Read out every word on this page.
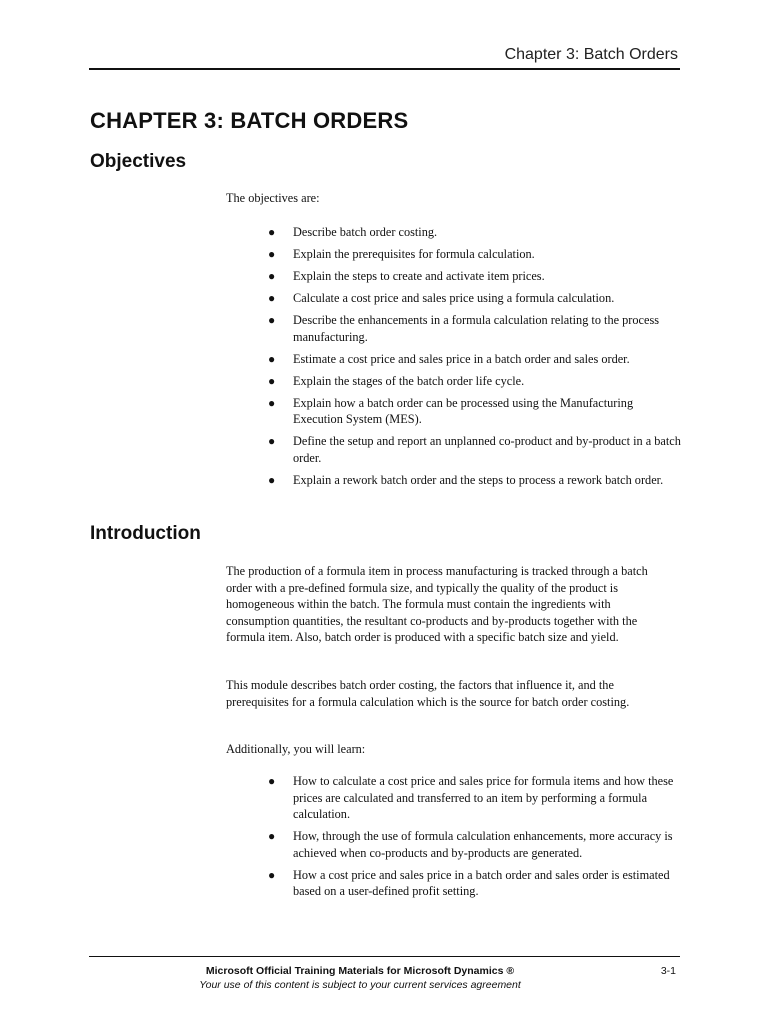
Chapter 3: Batch Orders
CHAPTER 3: BATCH ORDERS
Objectives

The objectives are:

● Describe batch order costing.
● Explain the prerequisites for formula calculation.
● Explain the steps to create and activate item prices.
● Calculate a cost price and sales price using a formula calculation.
● Describe the enhancements in a formula calculation relating to the process manufacturing.
● Estimate a cost price and sales price in a batch order and sales order.
● Explain the stages of the batch order life cycle.
● Explain how a batch order can be processed using the Manufacturing Execution System (MES).
● Define the setup and report an unplanned co-product and by-product in a batch order.
● Explain a rework batch order and the steps to process a rework batch order.
Introduction

The production of a formula item in process manufacturing is tracked through a batch order with a pre-defined formula size, and typically the quality of the product is homogeneous within the batch. The formula must contain the ingredients with consumption quantities, the resultant co-products and by-products together with the formula item. Also, batch order is produced with a specific batch size and yield.

This module describes batch order costing, the factors that influence it, and the prerequisites for a formula calculation which is the source for batch order costing.

Additionally, you will learn:

● How to calculate a cost price and sales price for formula items and how these prices are calculated and transferred to an item by performing a formula calculation.
● How, through the use of formula calculation enhancements, more accuracy is achieved when co-products and by-products are generated.
● How a cost price and sales price in a batch order and sales order is estimated based on a user-defined profit setting.
Microsoft Official Training Materials for Microsoft Dynamics ®
Your use of this content is subject to your current services agreement
3-1
